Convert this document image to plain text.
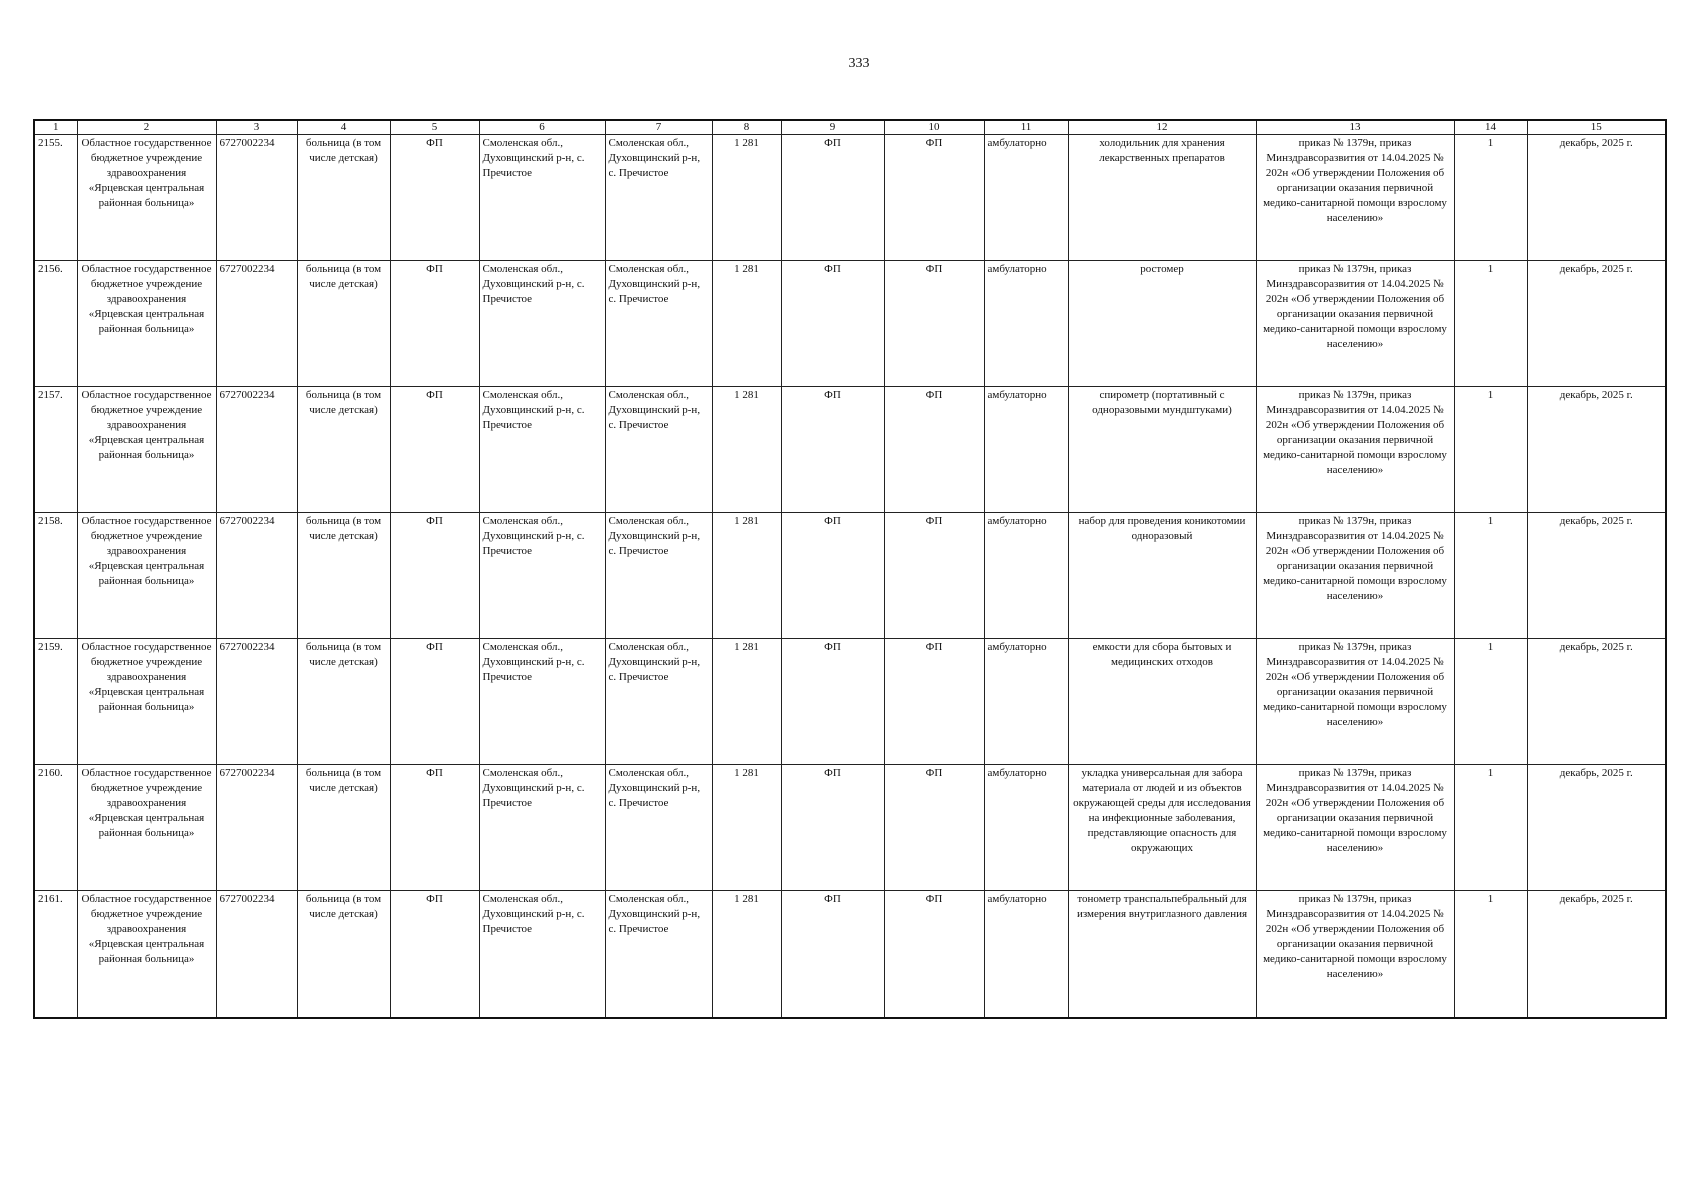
333
1	2	3	4	5	6	7	8	9	10	11	12	13	14	15
2155.	Областное государственное бюджетное учреждение здравоохранения «Ярцевская центральная районная больница»	6727002234	больница (в том числе детская)	ФП	Смоленская обл., Духовщинский р-н, с. Пречистое	Смоленская обл., Духовщинский р-н, с. Пречистое	1 281	ФП	ФП	амбулаторно	холодильник для хранения лекарственных препаратов	приказ № 1379н, приказ Минздравсоразвития от 14.04.2025 № 202н «Об утверждении Положения об организации оказания первичной медико-санитарной помощи взрослому населению»	1	декабрь, 2025 г.
2156.	Областное государственное бюджетное учреждение здравоохранения «Ярцевская центральная районная больница»	6727002234	больница (в том числе детская)	ФП	Смоленская обл., Духовщинский р-н, с. Пречистое	Смоленская обл., Духовщинский р-н, с. Пречистое	1 281	ФП	ФП	амбулаторно	ростомер	приказ № 1379н, приказ Минздравсоразвития от 14.04.2025 № 202н «Об утверждении Положения об организации оказания первичной медико-санитарной помощи взрослому населению»	1	декабрь, 2025 г.
2157.	Областное государственное бюджетное учреждение здравоохранения «Ярцевская центральная районная больница»	6727002234	больница (в том числе детская)	ФП	Смоленская обл., Духовщинский р-н, с. Пречистое	Смоленская обл., Духовщинский р-н, с. Пречистое	1 281	ФП	ФП	амбулаторно	спирометр (портативный с одноразовыми мундштуками)	приказ № 1379н, приказ Минздравсоразвития от 14.04.2025 № 202н «Об утверждении Положения об организации оказания первичной медико-санитарной помощи взрослому населению»	1	декабрь, 2025 г.
2158.	Областное государственное бюджетное учреждение здравоохранения «Ярцевская центральная районная больница»	6727002234	больница (в том числе детская)	ФП	Смоленская обл., Духовщинский р-н, с. Пречистое	Смоленская обл., Духовщинский р-н, с. Пречистое	1 281	ФП	ФП	амбулаторно	набор для проведения коникотомии одноразовый	приказ № 1379н, приказ Минздравсоразвития от 14.04.2025 № 202н «Об утверждении Положения об организации оказания первичной медико-санитарной помощи взрослому населению»	1	декабрь, 2025 г.
2159.	Областное государственное бюджетное учреждение здравоохранения «Ярцевская центральная районная больница»	6727002234	больница (в том числе детская)	ФП	Смоленская обл., Духовщинский р-н, с. Пречистое	Смоленская обл., Духовщинский р-н, с. Пречистое	1 281	ФП	ФП	амбулаторно	емкости для сбора бытовых и медицинских отходов	приказ № 1379н, приказ Минздравсоразвития от 14.04.2025 № 202н «Об утверждении Положения об организации оказания первичной медико-санитарной помощи взрослому населению»	1	декабрь, 2025 г.
2160.	Областное государственное бюджетное учреждение здравоохранения «Ярцевская центральная районная больница»	6727002234	больница (в том числе детская)	ФП	Смоленская обл., Духовщинский р-н, с. Пречистое	Смоленская обл., Духовщинский р-н, с. Пречистое	1 281	ФП	ФП	амбулаторно	укладка универсальная для забора материала от людей и из объектов окружающей среды для исследования на инфекционные заболевания, представляющие опасность для окружающих	приказ № 1379н, приказ Минздравсоразвития от 14.04.2025 № 202н «Об утверждении Положения об организации оказания первичной медико-санитарной помощи взрослому населению»	1	декабрь, 2025 г.
2161.	Областное государственное бюджетное учреждение здравоохранения «Ярцевская центральная районная больница»	6727002234	больница (в том числе детская)	ФП	Смоленская обл., Духовщинский р-н, с. Пречистое	Смоленская обл., Духовщинский р-н, с. Пречистое	1 281	ФП	ФП	амбулаторно	тонометр транспальпебральный для измерения внутриглазного давления	приказ № 1379н, приказ Минздравсоразвития от 14.04.2025 № 202н «Об утверждении Положения об организации оказания первичной медико-санитарной помощи взрослому населению»	1	декабрь, 2025 г.
